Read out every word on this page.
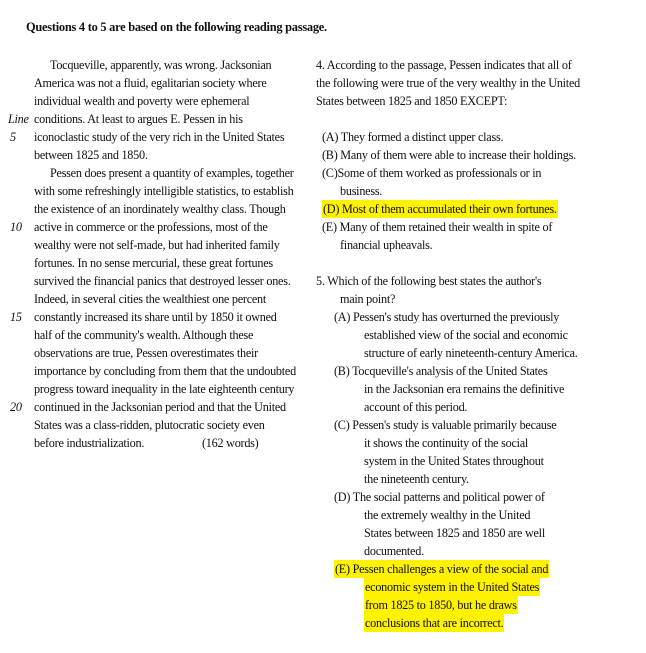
Questions 4 to 5 are based on the following reading passage.
Tocqueville, apparently, was wrong. Jacksonian
America was not a fluid, egalitarian society where
individual wealth and poverty were ephemeral
Line conditions. At least to argues E. Pessen in his
5 iconoclastic study of the very rich in the United States
between 1825 and 1850.
Pessen does present a quantity of examples, together
with some refreshingly intelligible statistics, to establish
the existence of an inordinately wealthy class. Though
10 active in commerce or the professions, most of the
wealthy were not self-made, but had inherited family
fortunes. In no sense mercurial, these great fortunes
survived the financial panics that destroyed lesser ones.
Indeed, in several cities the wealthiest one percent
15 constantly increased its share until by 1850 it owned
half of the community's wealth. Although these
observations are true, Pessen overestimates their
importance by concluding from them that the undoubted
progress toward inequality in the late eighteenth century
20 continued in the Jacksonian period and that the United
States was a class-ridden, plutocratic society even
before industrialization.	(162 words)
4. According to the passage, Pessen indicates that all of
the following were true of the very wealthy in the United
States between 1825 and 1850 EXCEPT:
(A) They formed a distinct upper class.
(B) Many of them were able to increase their holdings.
(C)Some of them worked as professionals or in
business.
(D) Most of them accumulated their own fortunes.
(E) Many of them retained their wealth in spite of
financial upheavals.
5. Which of the following best states the author's
main point?
(A) Pessen's study has overturned the previously
established view of the social and economic
structure of early nineteenth-century America.
(B) Tocqueville's analysis of the United States
in the Jacksonian era remains the definitive
account of this period.
(C) Pessen's study is valuable primarily because
it shows the continuity of the social
system in the United States throughout
the nineteenth century.
(D) The social patterns and political power of
the extremely wealthy in the United
States between 1825 and 1850 are well
documented.
(E) Pessen challenges a view of the social and
economic system in the United States
from 1825 to 1850, but he draws
conclusions that are incorrect.
